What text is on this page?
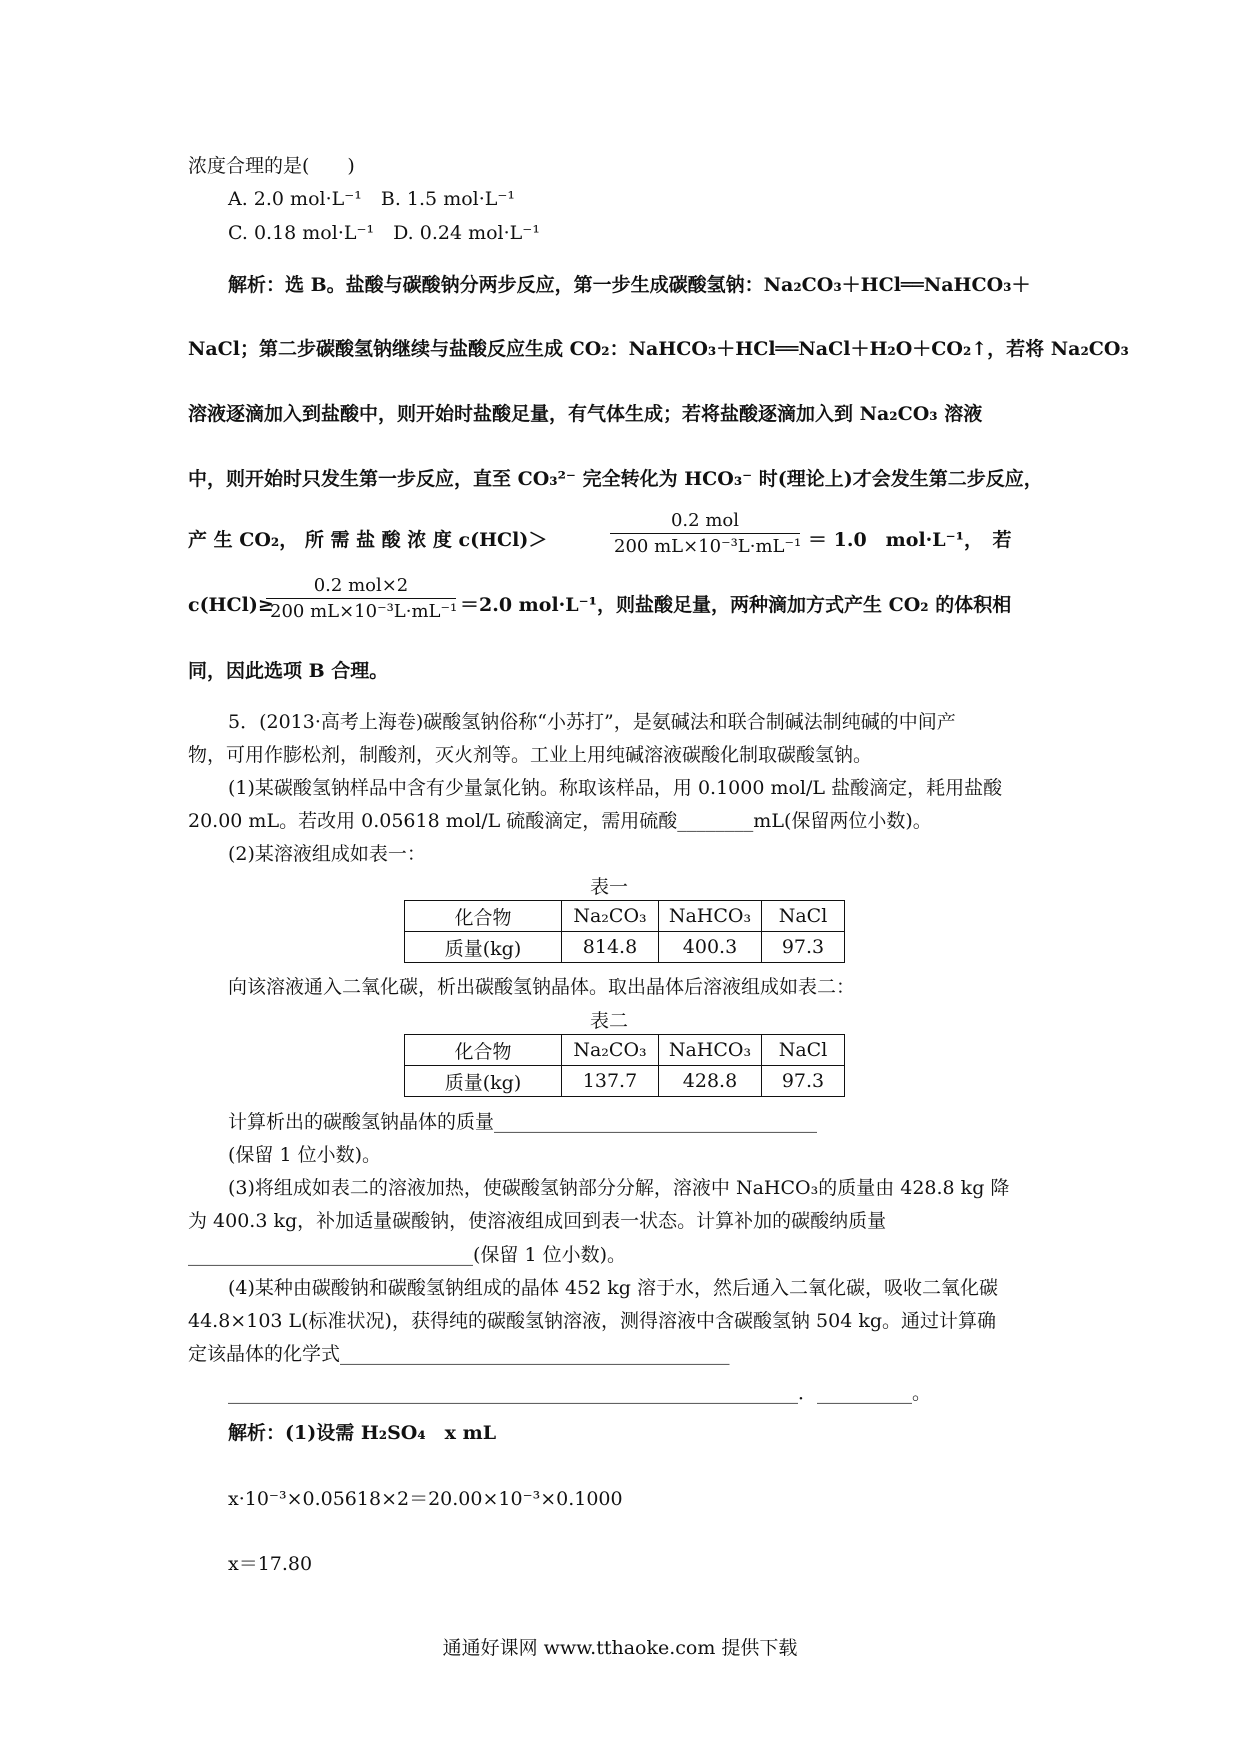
浓度合理的是(　　)
A. 2.0 mol·L⁻¹　B. 1.5 mol·L⁻¹
C. 0.18 mol·L⁻¹　D. 0.24 mol·L⁻¹
解析：选 B。盐酸与碳酸钠分两步反应，第一步生成碳酸氢钠：Na₂CO₃＋HCl══NaHCO₃＋
NaCl；第二步碳酸氢钠继续与盐酸反应生成 CO₂：NaHCO₃＋HCl══NaCl＋H₂O＋CO₂↑，若将 Na₂CO₃
溶液逐滴加入到盐酸中，则开始时盐酸足量，有气体生成；若将盐酸逐滴加入到 Na₂CO₃ 溶液
中，则开始时只发生第一步反应，直至 CO₃²⁻ 完全转化为 HCO₃⁻ 时(理论上)才会发生第二步反应，
产 生 CO₂， 所 需 盐 酸 浓 度 c(HCl)＞
0.2 mol
200 mL×10⁻³L·mL⁻¹ ＝ 1.0　mol·L⁻¹，　若
c(HCl)≥
0.2 mol×2
200 mL×10⁻³L·mL⁻¹ ＝2.0 mol·L⁻¹，则盐酸足量，两种滴加方式产生 CO₂ 的体积相
同，因此选项 B 合理。
5．(2013·高考上海卷)碳酸氢钠俗称“小苏打”，是氨碱法和联合制碱法制纯碱的中间产
物，可用作膨松剂，制酸剂，灭火剂等。工业上用纯碱溶液碳酸化制取碳酸氢钠。
(1)某碳酸氢钠样品中含有少量氯化钠。称取该样品，用 0.1000 mol/L 盐酸滴定，耗用盐酸
20.00 mL。若改用 0.05618 mol/L 硫酸滴定，需用硫酸________mL(保留两位小数)。
(2)某溶液组成如表一：
表一
化合物	Na₂CO₃	NaHCO₃	NaCl
质量(kg)	814.8	400.3	97.3
向该溶液通入二氧化碳，析出碳酸氢钠晶体。取出晶体后溶液组成如表二：
表二
化合物	Na₂CO₃	NaHCO₃	NaCl
质量(kg)	137.7	428.8	97.3
计算析出的碳酸氢钠晶体的质量__________________________________
(保留 1 位小数)。
(3)将组成如表二的溶液加热，使碳酸氢钠部分分解，溶液中 NaHCO₃的质量由 428.8 kg 降
为 400.3 kg，补加适量碳酸钠，使溶液组成回到表一状态。计算补加的碳酸纳质量
______________________________(保留 1 位小数)。
(4)某种由碳酸钠和碳酸氢钠组成的晶体 452 kg 溶于水，然后通入二氧化碳，吸收二氧化碳
44.8×103 L(标准状况)，获得纯的碳酸氢钠溶液，测得溶液中含碳酸氢钠 504 kg。通过计算确
定该晶体的化学式_________________________________________
____________________________________________________________．__________。
解析：(1)设需 H₂SO₄　x mL
x·10⁻³×0.05618×2＝20.00×10⁻³×0.1000
x＝17.80
通通好课网 www.tthaoke.com 提供下载
